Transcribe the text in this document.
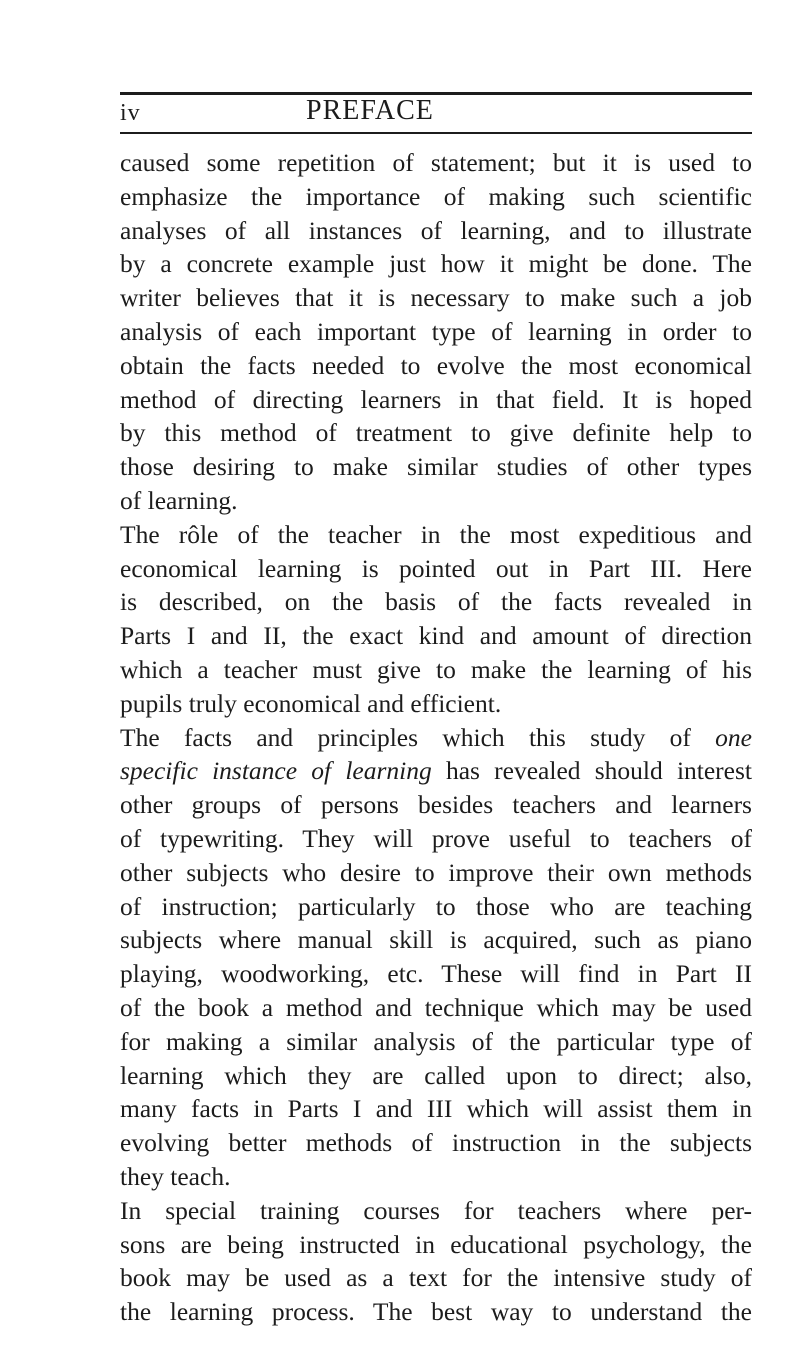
iv	PREFACE
caused some repetition of statement; but it is used to
emphasize the importance of making such scientific
analyses of all instances of learning, and to illustrate
by a concrete example just how it might be done. The
writer believes that it is necessary to make such a job
analysis of each important type of learning in order to
obtain the facts needed to evolve the most economical
method of directing learners in that field. It is hoped
by this method of treatment to give definite help to
those desiring to make similar studies of other types
of learning.
The rôle of the teacher in the most expeditious and
economical learning is pointed out in Part III. Here
is described, on the basis of the facts revealed in
Parts I and II, the exact kind and amount of direction
which a teacher must give to make the learning of his
pupils truly economical and efficient.
The facts and principles which this study of one
specific instance of learning has revealed should interest
other groups of persons besides teachers and learners
of typewriting. They will prove useful to teachers of
other subjects who desire to improve their own methods
of instruction; particularly to those who are teaching
subjects where manual skill is acquired, such as piano
playing, woodworking, etc. These will find in Part II
of the book a method and technique which may be used
for making a similar analysis of the particular type of
learning which they are called upon to direct; also,
many facts in Parts I and III which will assist them in
evolving better methods of instruction in the subjects
they teach.
In special training courses for teachers where per-
sons are being instructed in educational psychology, the
book may be used as a text for the intensive study of
the learning process. The best way to understand the
